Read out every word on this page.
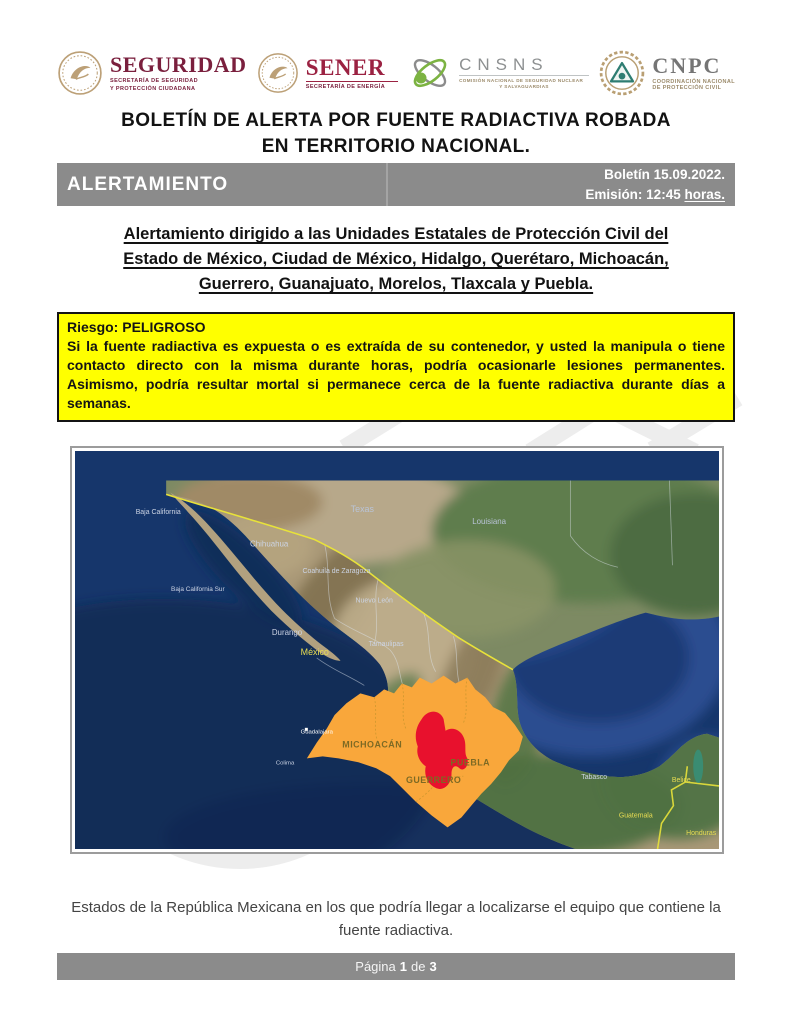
SEGURIDAD
SECRETARÍA DE SEGURIDAD
Y PROTECCIÓN CIUDADANA
SENER
SECRETARÍA DE ENERGÍA
CNSNS
COMISIÓN NACIONAL DE SEGURIDAD NUCLEAR
Y SALVAGUARDIAS
CNPC
COORDINACIÓN NACIONAL
DE PROTECCIÓN CIVIL
BOLETÍN DE ALERTA POR FUENTE RADIACTIVA ROBADA
EN TERRITORIO NACIONAL.
ALERTAMIENTO	Boletín 15.09.2022.
Emisión: 12:45 horas.
Alertamiento dirigido a las Unidades Estatales de Protección Civil del
Estado de México, Ciudad de México, Hidalgo, Querétaro, Michoacán,
Guerrero, Guanajuato, Morelos, Tlaxcala y Puebla.
Riesgo: PELIGROSO
Si la fuente radiactiva es expuesta o es extraída de su contenedor, y usted la manipula o tiene contacto directo con la misma durante horas, podría ocasionarle lesiones permanentes. Asimismo, podría resultar mortal si permanece cerca de la fuente radiactiva durante días a semanas.
MICHOACÁN
PUEBLA
GUERRERO
Texas
Louisiana
Chihuahua
Coahuila de Zaragoza
Nuevo León
Durango
Tamaulipas
Baja California
Baja California Sur
México
Guadalajara
Colima
Tabasco	Belice
Guatemala
Honduras
Estados de la República Mexicana en los que podría llegar a localizarse el equipo que contiene la fuente radiactiva.
Página 1 de 3
